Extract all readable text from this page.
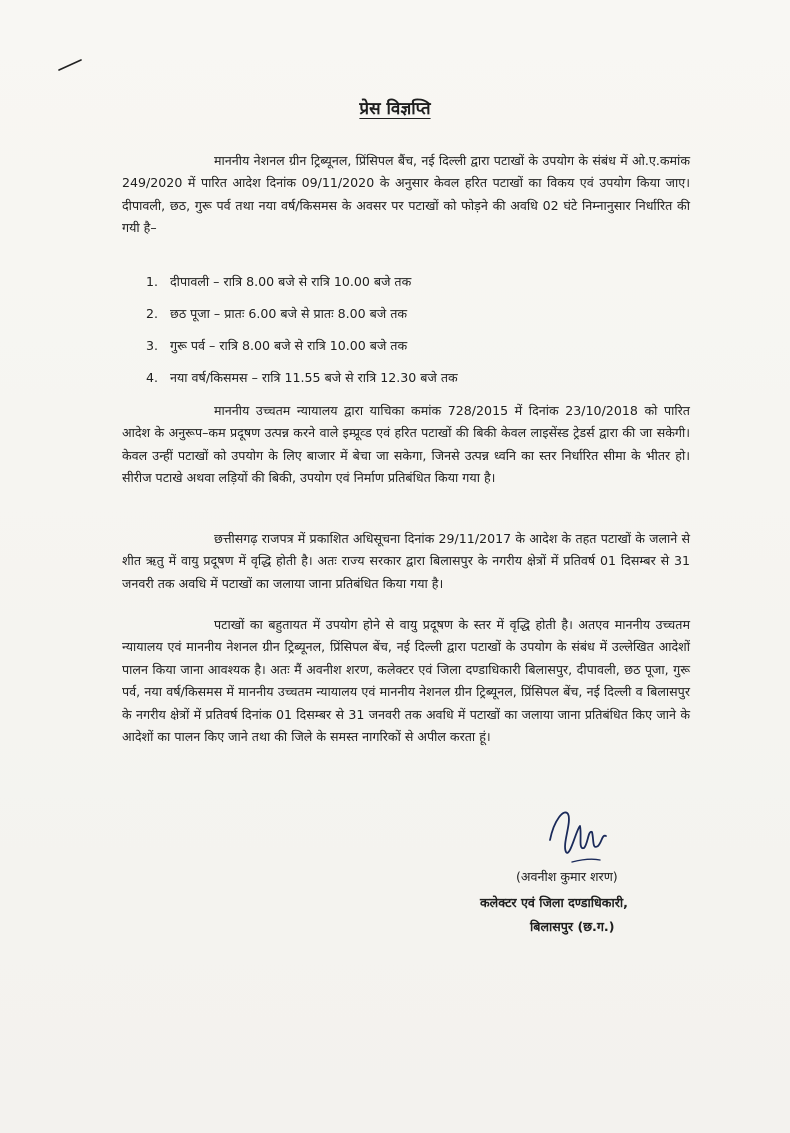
प्रेस विज्ञप्ति
माननीय नेशनल ग्रीन ट्रिब्यूनल, प्रिंसिपल बैंच, नई दिल्ली द्वारा पटाखों के उपयोग के संबंध में ओ.ए.कमांक 249/2020 में पारित आदेश दिनांक 09/11/2020 के अनुसार केवल हरित पटाखों का विकय एवं उपयोग किया जाए। दीपावली, छठ, गुरू पर्व तथा नया वर्ष/किसमस के अवसर पर पटाखों को फोड़ने की अवधि 02 घंटे निम्नानुसार निर्धारित की गयी है–
1. दीपावली – रात्रि 8.00 बजे से रात्रि 10.00 बजे तक
2. छठ पूजा – प्रातः 6.00 बजे से प्रातः 8.00 बजे तक
3. गुरू पर्व – रात्रि 8.00 बजे से रात्रि 10.00 बजे तक
4. नया वर्ष/किसमस – रात्रि 11.55 बजे से रात्रि 12.30 बजे तक
माननीय उच्चतम न्यायालय द्वारा याचिका कमांक 728/2015 में दिनांक 23/10/2018 को पारित आदेश के अनुरूप–कम प्रदूषण उत्पन्न करने वाले इम्प्रूव्ड एवं हरित पटाखों की बिकी केवल लाइसेंस्ड ट्रेडर्स द्वारा की जा सकेगी। केवल उन्हीं पटाखों को उपयोग के लिए बाजार में बेचा जा सकेगा, जिनसे उत्पन्न ध्वनि का स्तर निर्धारित सीमा के भीतर हो। सीरीज पटाखे अथवा लड़ियों की बिकी, उपयोग एवं निर्माण प्रतिबंधित किया गया है।
छत्तीसगढ़ राजपत्र में प्रकाशित अधिसूचना दिनांक 29/11/2017 के आदेश के तहत पटाखों के जलाने से शीत ऋतु में वायु प्रदूषण में वृद्धि होती है। अतः राज्य सरकार द्वारा बिलासपुर के नगरीय क्षेत्रों में प्रतिवर्ष 01 दिसम्बर से 31 जनवरी तक अवधि में पटाखों का जलाया जाना प्रतिबंधित किया गया है।
पटाखों का बहुतायत में उपयोग होने से वायु प्रदूषण के स्तर में वृद्धि होती है। अतएव माननीय उच्चतम न्यायालय एवं माननीय नेशनल ग्रीन ट्रिब्यूनल, प्रिंसिपल बेंच, नई दिल्ली द्वारा पटाखों के उपयोग के संबंध में उल्लेखित आदेशों पालन किया जाना आवश्यक है। अतः मैं अवनीश शरण, कलेक्टर एवं जिला दण्डाधिकारी बिलासपुर, दीपावली, छठ पूजा, गुरू पर्व, नया वर्ष/किसमस में माननीय उच्चतम न्यायालय एवं माननीय नेशनल ग्रीन ट्रिब्यूनल, प्रिंसिपल बेंच, नई दिल्ली व बिलासपुर के नगरीय क्षेत्रों में प्रतिवर्ष दिनांक 01 दिसम्बर से 31 जनवरी तक अवधि में पटाखों का जलाया जाना प्रतिबंधित किए जाने के आदेशों का पालन किए जाने तथा की जिले के समस्त नागरिकों से अपील करता हूं।
(अवनीश कुमार शरण)
कलेक्टर एवं जिला दण्डाधिकारी,
बिलासपुर (छ.ग.)
